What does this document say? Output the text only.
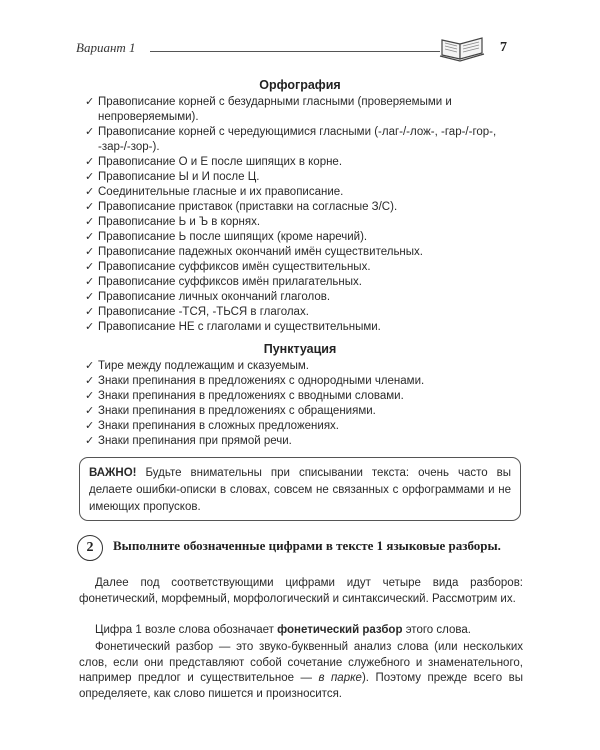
Вариант 1	7
Орфография
✓ Правописание корней с безударными гласными (проверяемыми и непроверяемыми).
✓ Правописание корней с чередующимися гласными (-лаг-/-лож-, -гар-/-гор-, -зар-/-зор-).
✓ Правописание О и Е после шипящих в корне.
✓ Правописание Ы и И после Ц.
✓ Соединительные гласные и их правописание.
✓ Правописание приставок (приставки на согласные З/С).
✓ Правописание Ь и Ъ в корнях.
✓ Правописание Ь после шипящих (кроме наречий).
✓ Правописание падежных окончаний имён существительных.
✓ Правописание суффиксов имён существительных.
✓ Правописание суффиксов имён прилагательных.
✓ Правописание личных окончаний глаголов.
✓ Правописание -ТСЯ, -ТЬСЯ в глаголах.
✓ Правописание НЕ с глаголами и существительными.
Пунктуация
✓ Тире между подлежащим и сказуемым.
✓ Знаки препинания в предложениях с однородными членами.
✓ Знаки препинания в предложениях с вводными словами.
✓ Знаки препинания в предложениях с обращениями.
✓ Знаки препинания в сложных предложениях.
✓ Знаки препинания при прямой речи.
ВАЖНО! Будьте внимательны при списывании текста: очень часто вы делаете ошибки-описки в словах, совсем не связанных с орфограммами и не имеющих пропусков.
2	Выполните обозначенные цифрами в тексте 1 языковые разборы.
Далее под соответствующими цифрами идут четыре вида разборов: фонетический, морфемный, морфологический и синтаксический. Рассмотрим их.
Цифра 1 возле слова обозначает фонетический разбор этого слова.
Фонетический разбор — это звуко-буквенный анализ слова (или нескольких слов, если они представляют собой сочетание служебного и знаменательного, например предлог и существительное — в парке). Поэтому прежде всего вы определяете, как слово пишется и произносится.
